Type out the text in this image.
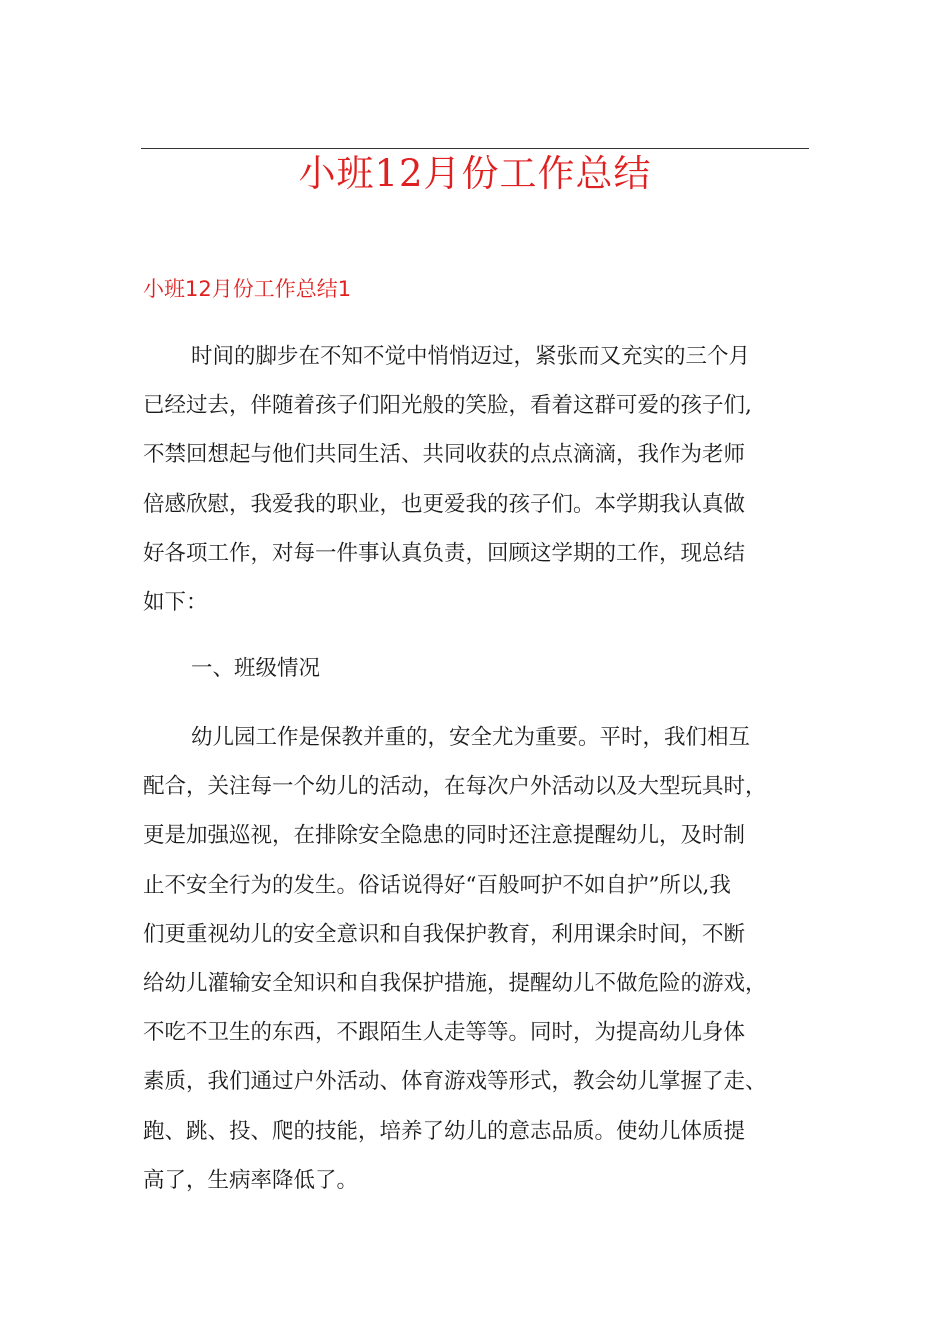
小班12月份工作总结
小班12月份工作总结1
时间的脚步在不知不觉中悄悄迈过，紧张而又充实的三个月
已经过去，伴随着孩子们阳光般的笑脸，看着这群可爱的孩子们,
不禁回想起与他们共同生活、共同收获的点点滴滴，我作为老师
倍感欣慰，我爱我的职业，也更爱我的孩子们。本学期我认真做
好各项工作，对每一件事认真负责，回顾这学期的工作，现总结
如下：
一、班级情况
幼儿园工作是保教并重的，安全尤为重要。平时，我们相互
配合，关注每一个幼儿的活动，在每次户外活动以及大型玩具时，
更是加强巡视，在排除安全隐患的同时还注意提醒幼儿，及时制
止不安全行为的发生。俗话说得好“百般呵护不如自护”所以,我
们更重视幼儿的安全意识和自我保护教育，利用课余时间，不断
给幼儿灌输安全知识和自我保护措施，提醒幼儿不做危险的游戏，
不吃不卫生的东西，不跟陌生人走等等。同时，为提高幼儿身体
素质，我们通过户外活动、体育游戏等形式，教会幼儿掌握了走、
跑、跳、投、爬的技能，培养了幼儿的意志品质。使幼儿体质提
高了，生病率降低了。
